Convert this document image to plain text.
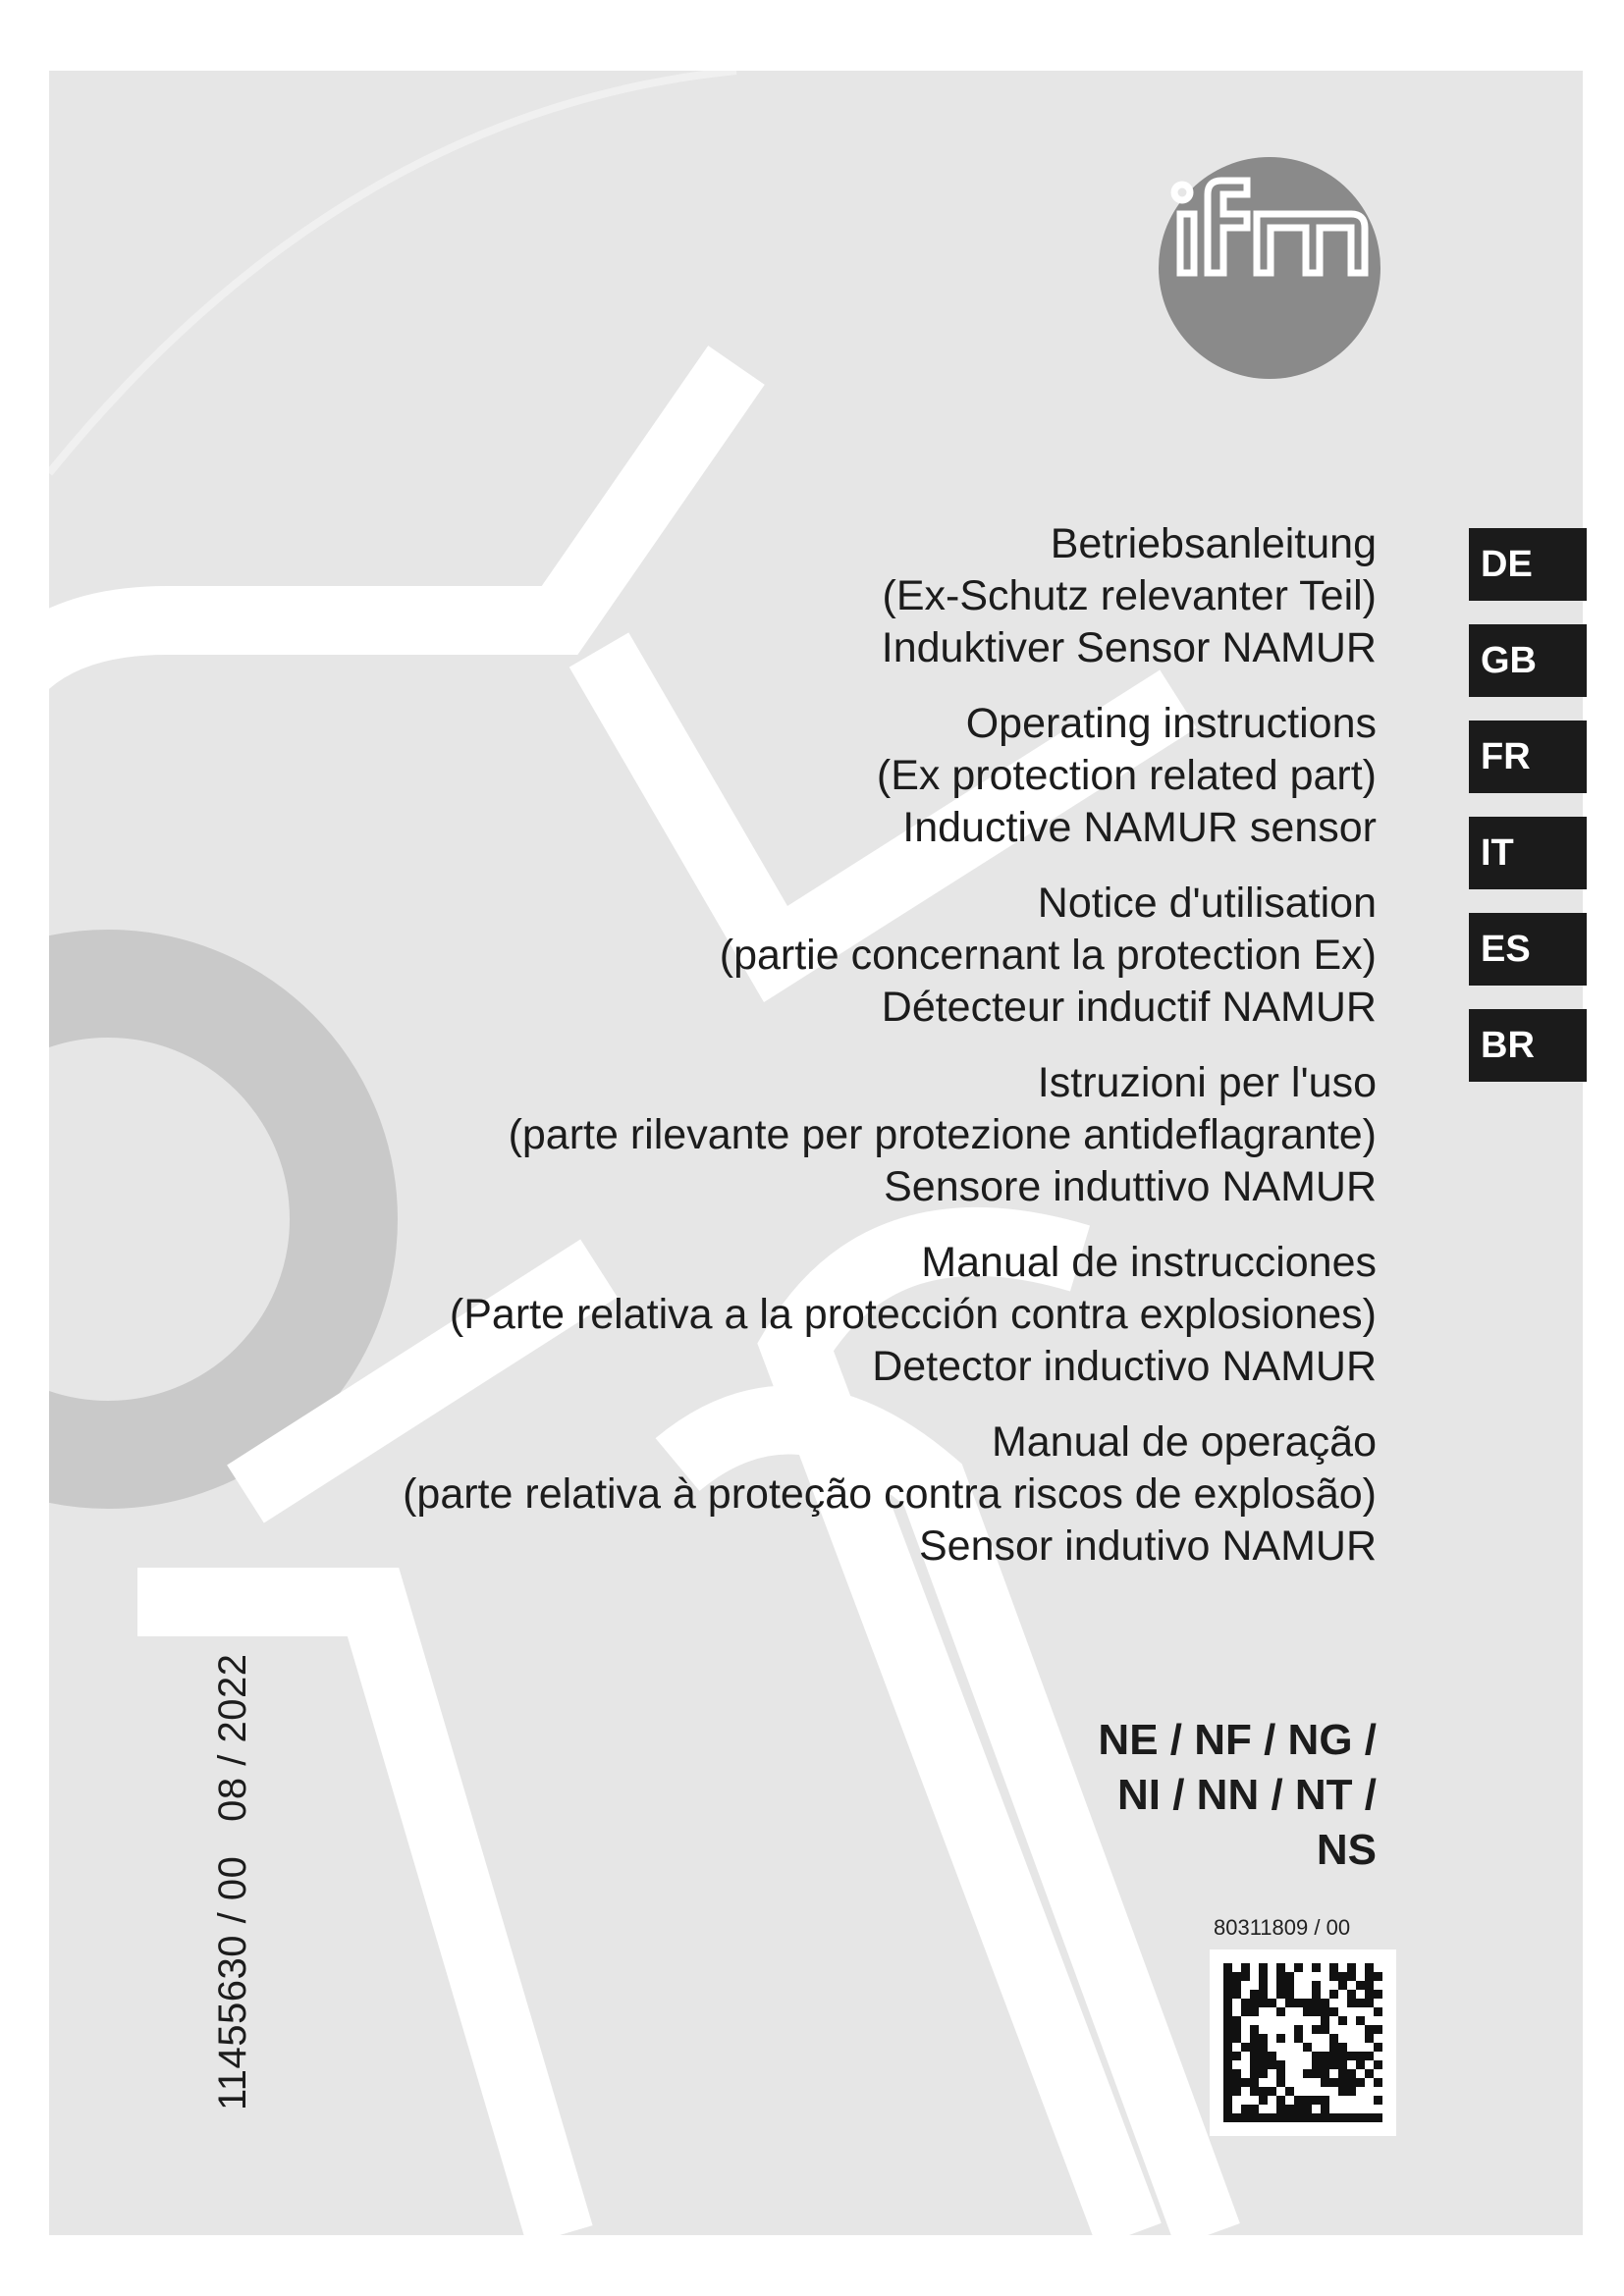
Betriebsanleitung
(Ex-Schutz relevanter Teil)
Induktiver Sensor NAMUR
Operating instructions
(Ex protection related part)
Inductive NAMUR sensor
Notice d'utilisation
(partie concernant la protection Ex)
Détecteur inductif NAMUR
Istruzioni per l'uso
(parte rilevante per protezione antideflagrante)
Sensore induttivo NAMUR
Manual de instrucciones
(Parte relativa a la protección contra explosiones)
Detector inductivo NAMUR
Manual de operação
(parte relativa à proteção contra riscos de explosão)
Sensor indutivo NAMUR
NE / NF / NG /
NI / NN / NT /
NS
DE
GB
FR
IT
ES
BR
11455630 / 00   08 / 2022	80311809 / 00
